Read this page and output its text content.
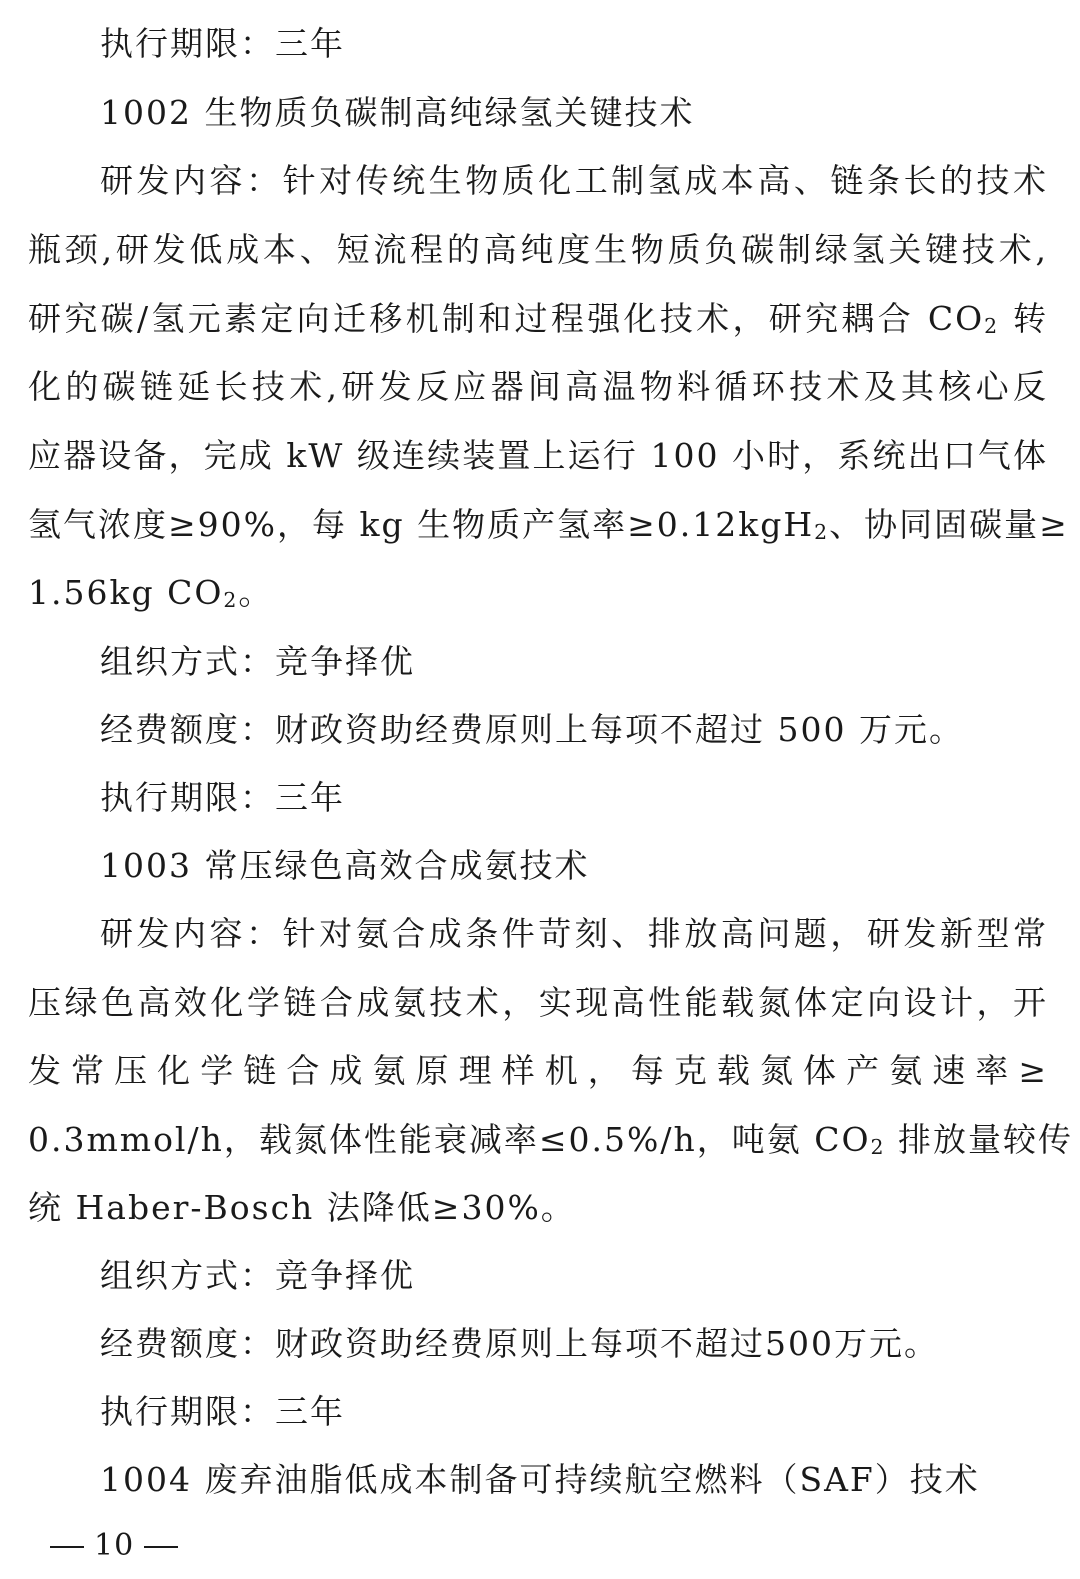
执行期限：三年
1002 生物质负碳制高纯绿氢关键技术
研发内容：针对传统生物质化工制氢成本高、链条长的技术
瓶颈,研发低成本、短流程的高纯度生物质负碳制绿氢关键技术,
研究碳/氢元素定向迁移机制和过程强化技术，研究耦合 $CO_2$ 转
化的碳链延长技术,研发反应器间高温物料循环技术及其核心反
应器设备，完成 kW 级连续装置上运行 100 小时，系统出口气体
氢气浓度≥90%，每 kg 生物质产氢率≥0.12kgH$_2$、协同固碳量≥
1.56kg $CO_2$。
组织方式：竞争择优
经费额度：财政资助经费原则上每项不超过 500 万元。
执行期限：三年
1003 常压绿色高效合成氨技术
研发内容：针对氨合成条件苛刻、排放高问题，研发新型常
压绿色高效化学链合成氨技术，实现高性能载氮体定向设计，开
发常压化学链合成氨原理样机，每克载氮体产氨速率≥
0.3mmol/h，载氮体性能衰减率≤0.5%/h，吨氨 $CO_2$ 排放量较传
统 Haber-Bosch 法降低≥30%。
组织方式：竞争择优
经费额度：财政资助经费原则上每项不超过500万元。
执行期限：三年
1004 废弃油脂低成本制备可持续航空燃料（SAF）技术
10
